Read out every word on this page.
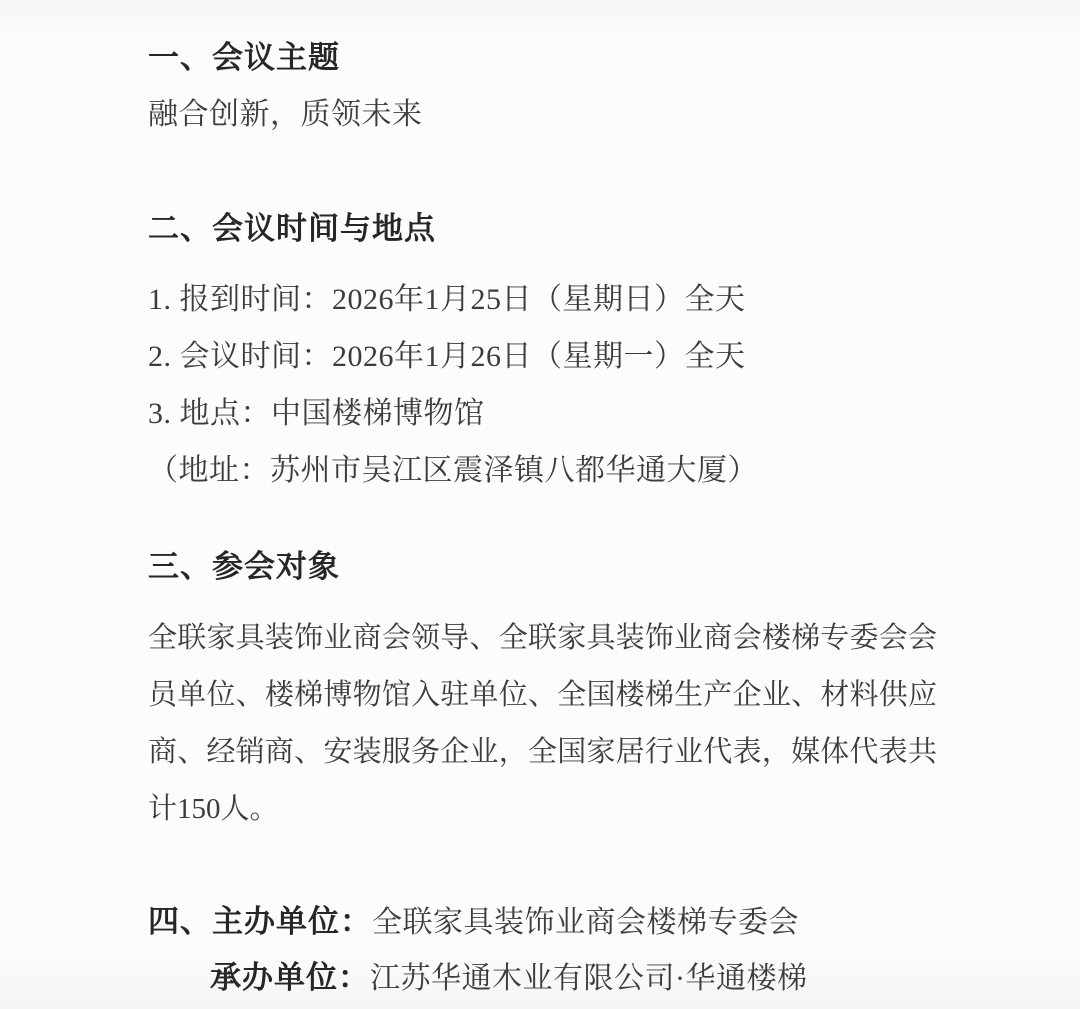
一、会议主题

融合创新，质领未来

二、会议时间与地点

1. 报到时间：2026年1月25日（星期日）全天

2. 会议时间：2026年1月26日（星期一）全天

3. 地点：中国楼梯博物馆

（地址：苏州市吴江区震泽镇八都华通大厦）

三、参会对象

全联家具装饰业商会领导、全联家具装饰业商会楼梯专委会会员单位、楼梯博物馆入驻单位、全国楼梯生产企业、材料供应商、经销商、安装服务企业，全国家居行业代表，媒体代表共计150人。

四、主办单位：全联家具装饰业商会楼梯专委会

承办单位：江苏华通木业有限公司·华通楼梯
